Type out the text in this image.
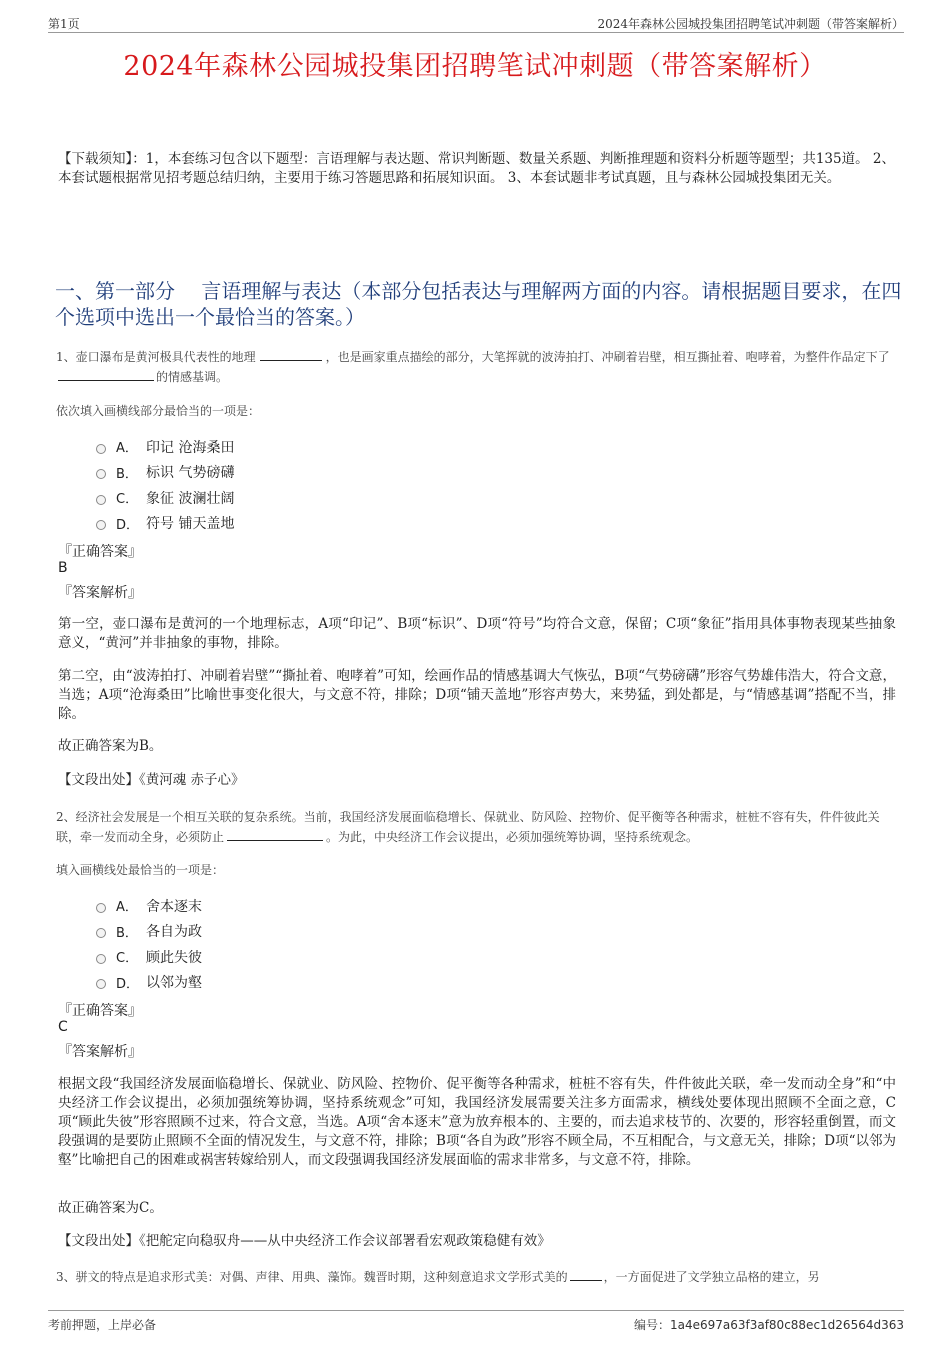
第1页	2024年森林公园城投集团招聘笔试冲刺题（带答案解析）
2024年森林公园城投集团招聘笔试冲刺题（带答案解析）
【下载须知】：1，本套练习包含以下题型：言语理解与表达题、常识判断题、数量关系题、判断推理题和资料分析题等题型；共135道。 2、本套试题根据常见招考题总结归纳，主要用于练习答题思路和拓展知识面。 3、本套试题非考试真题，且与森林公园城投集团无关。
一、第一部分　 言语理解与表达（本部分包括表达与理解两方面的内容。请根据题目要求，在四个选项中选出一个最恰当的答案。）
1、壶口瀑布是黄河极具代表性的地理	，也是画家重点描绘的部分，大笔挥就的波涛拍打、冲刷着岩壁，相互撕扯着、咆哮着，为整件作品定下了的情感基调。
依次填入画横线部分最恰当的一项是：
A． 印记 沧海桑田
B． 标识 气势磅礴
C． 象征 波澜壮阔
D． 符号 铺天盖地
『正确答案』
B
『答案解析』
第一空，壶口瀑布是黄河的一个地理标志，A项“印记”、B项“标识”、D项“符号”均符合文意，保留；C项“象征”指用具体事物表现某些抽象意义，“黄河”并非抽象的事物，排除。
第二空，由“波涛拍打、冲刷着岩壁”“撕扯着、咆哮着”可知，绘画作品的情感基调大气恢弘，B项“气势磅礴”形容气势雄伟浩大，符合文意，当选；A项“沧海桑田”比喻世事变化很大，与文意不符，排除；D项“铺天盖地”形容声势大，来势猛，到处都是，与“情感基调”搭配不当，排除。
故正确答案为B。
【文段出处】《黄河魂 赤子心》
2、经济社会发展是一个相互关联的复杂系统。当前，我国经济发展面临稳增长、保就业、防风险、控物价、促平衡等各种需求，桩桩不容有失，件件彼此关联，牵一发而动全身，必须防止	。为此，中央经济工作会议提出，必须加强统筹协调，坚持系统观念。
填入画横线处最恰当的一项是：
A． 舍本逐末
B． 各自为政
C． 顾此失彼
D． 以邻为壑
『正确答案』
C
『答案解析』
根据文段“我国经济发展面临稳增长、保就业、防风险、控物价、促平衡等各种需求，桩桩不容有失，件件彼此关联，牵一发而动全身”和“中央经济工作会议提出，必须加强统筹协调，坚持系统观念”可知，我国经济发展需要关注多方面需求，横线处要体现出照顾不全面之意，C项“顾此失彼”形容照顾不过来，符合文意，当选。A项“舍本逐末”意为放弃根本的、主要的，而去追求枝节的、次要的，形容轻重倒置，而文段强调的是要防止照顾不全面的情况发生，与文意不符，排除；B项“各自为政”形容不顾全局，不互相配合，与文意无关，排除；D项“以邻为壑”比喻把自己的困难或祸害转嫁给别人，而文段强调我国经济发展面临的需求非常多，与文意不符，排除。
故正确答案为C。
【文段出处】《把舵定向稳驭舟——从中央经济工作会议部署看宏观政策稳健有效》
3、骈文的特点是追求形式美：对偶、声律、用典、藻饰。魏晋时期，这种刻意追求文学形式美的	，一方面促进了文学独立品格的建立，另
考前押题，上岸必备	编号：1a4e697a63f3af80c88ec1d26564d363
